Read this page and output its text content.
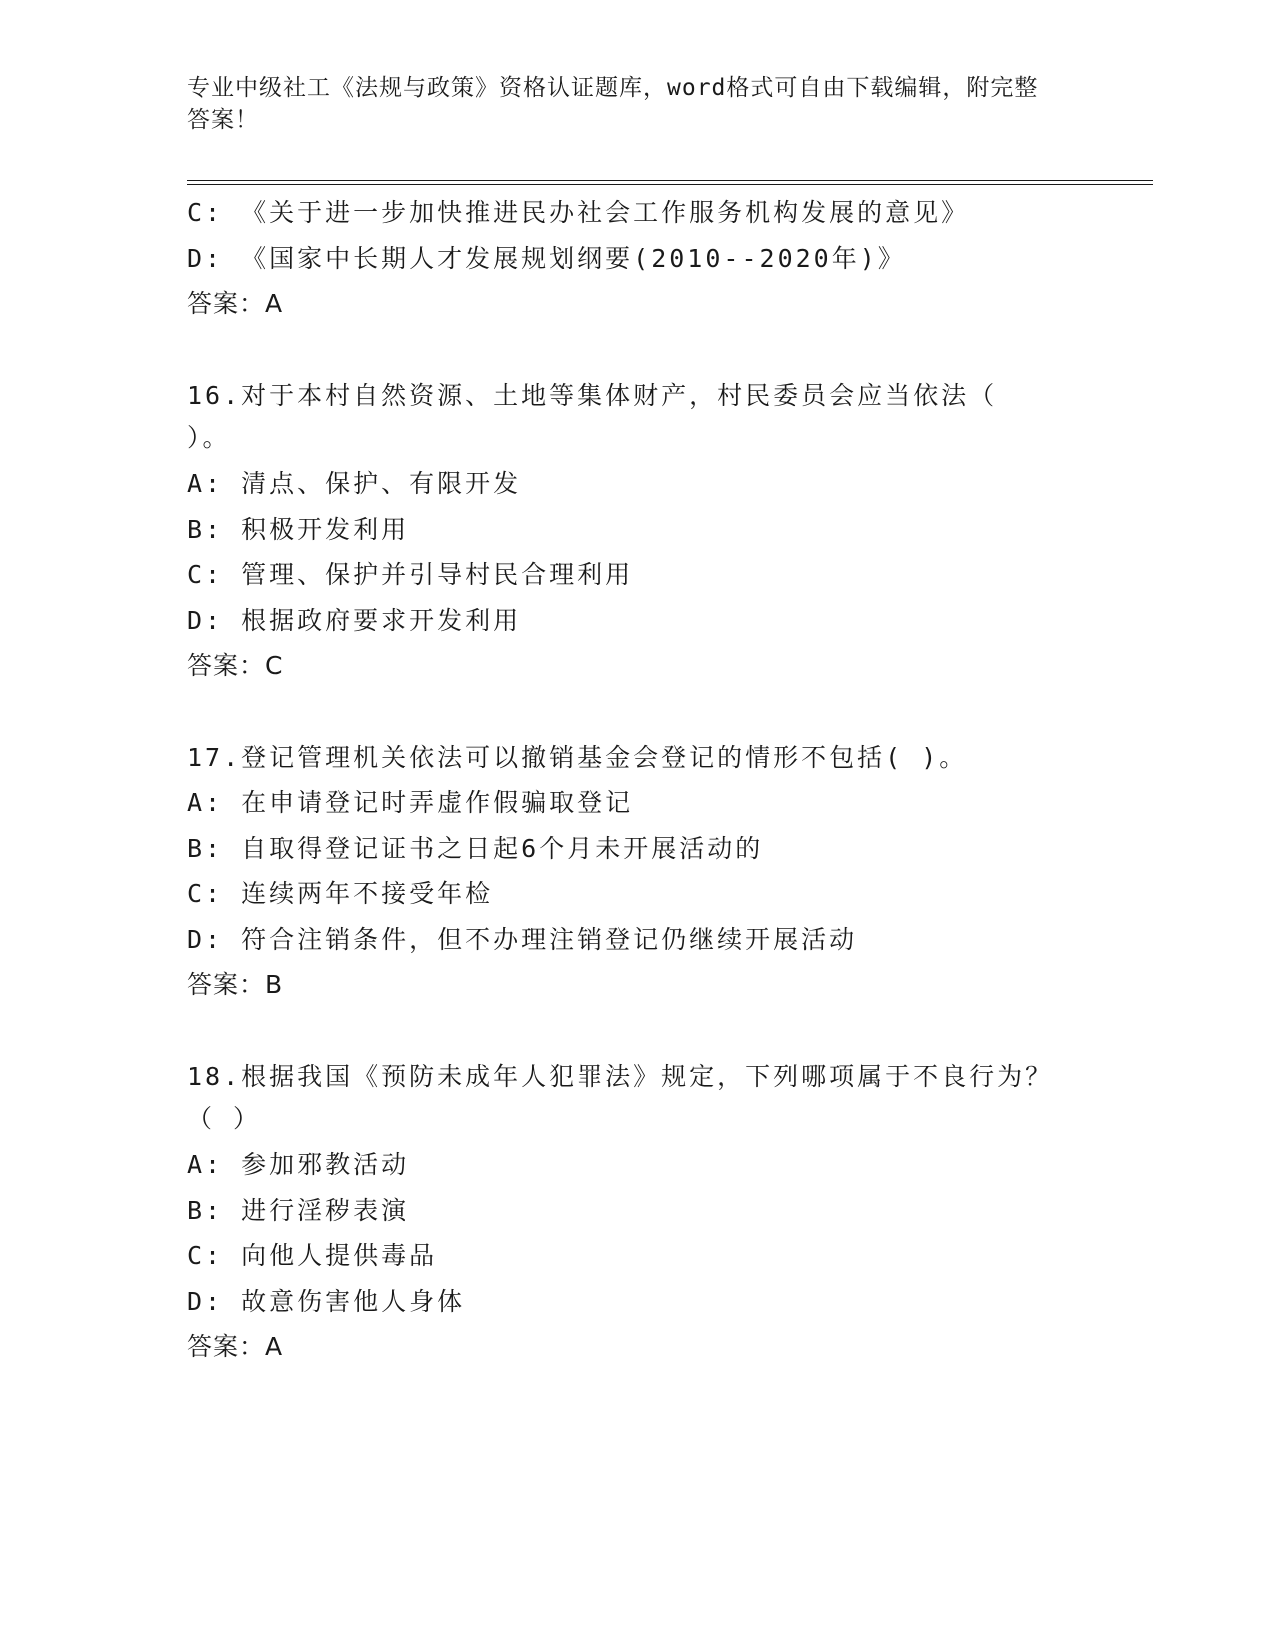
专业中级社工《法规与政策》资格认证题库，word格式可自由下载编辑，附完整
答案！
C: 《关于进一步加快推进民办社会工作服务机构发展的意见》
D: 《国家中长期人才发展规划纲要(2010--2020年)》
答案：A
16.对于本村自然资源、土地等集体财产，村民委员会应当依法（
）。
A: 清点、保护、有限开发
B: 积极开发利用
C: 管理、保护并引导村民合理利用
D: 根据政府要求开发利用
答案：C
17.登记管理机关依法可以撤销基金会登记的情形不包括( )。
A: 在申请登记时弄虚作假骗取登记
B: 自取得登记证书之日起6个月未开展活动的
C: 连续两年不接受年检
D: 符合注销条件，但不办理注销登记仍继续开展活动
答案：B
18.根据我国《预防未成年人犯罪法》规定，下列哪项属于不良行为？
（ ）
A: 参加邪教活动
B: 进行淫秽表演
C: 向他人提供毒品
D: 故意伤害他人身体
答案：A
